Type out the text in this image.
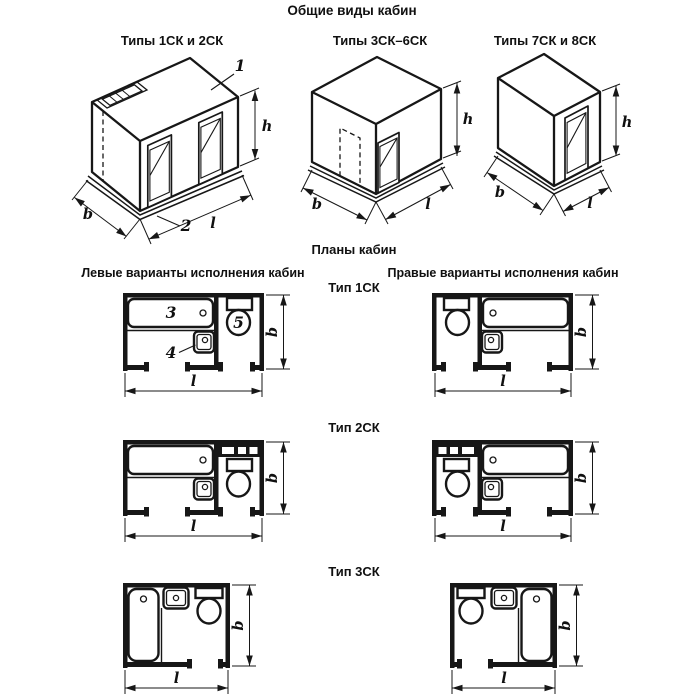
Общие виды кабин
Типы 1СК и 2СК	Типы 3СК–6СК	Типы 7СК и 8СК
Планы кабин
Левые варианты исполнения кабин	Правые варианты исполнения кабин
Тип 1СК
Тип 2СК
Тип 3СК
h
b
l
1
2
h
b	l
h
b
l
3
4
5 b
l
b
l
b
l
b
l
b
l
b
l
